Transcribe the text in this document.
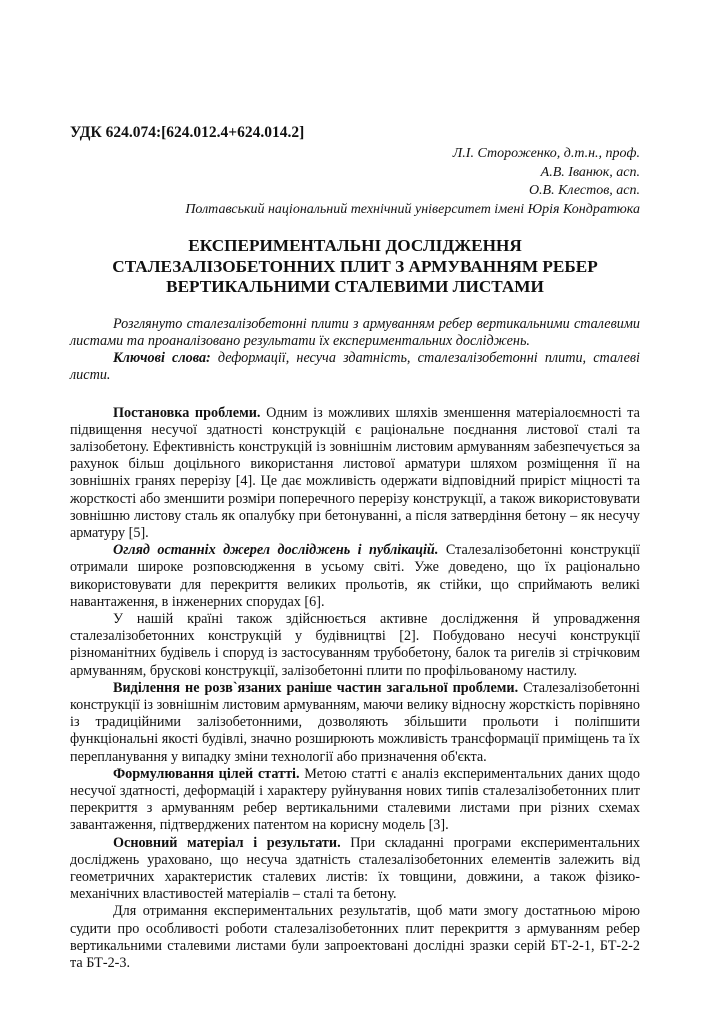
УДК 624.074:[624.012.4+624.014.2]
Л.І. Стороженко, д.т.н., проф.
А.В. Іванюк, асп.
О.В. Клестов, асп.
Полтавський національний технічний університет імені Юрія Кондратюка
ЕКСПЕРИМЕНТАЛЬНІ ДОСЛІДЖЕННЯ СТАЛЕЗАЛІЗОБЕТОННИХ ПЛИТ З АРМУВАННЯМ РЕБЕР ВЕРТИКАЛЬНИМИ СТАЛЕВИМИ ЛИСТАМИ

Розглянуто сталезалізобетонні плити з армуванням ребер вертикальними сталевими листами та проаналізовано результати їх експериментальних досліджень.

Ключові слова: деформації, несуча здатність, сталезалізобетонні плити, сталеві листи.

Постановка проблеми. Одним із можливих шляхів зменшення матеріалоємності та підвищення несучої здатності конструкцій є раціональне поєднання листової сталі та залізобетону. Ефективність конструкцій із зовнішнім листовим армуванням забезпечується за рахунок більш доцільного використання листової арматури шляхом розміщення її на зовнішніх гранях перерізу [4]. Це дає можливість одержати відповідний приріст міцності та жорсткості або зменшити розміри поперечного перерізу конструкції, а також використовувати зовнішню листову сталь як опалубку при бетонуванні, а після затвердіння бетону – як несучу арматуру [5].

Огляд останніх джерел досліджень і публікацій. Сталезалізобетонні конструкції отримали широке розповсюдження в усьому світі. Уже доведено, що їх раціонально використовувати для перекриття великих прольотів, як стійки, що сприймають великі навантаження, в інженерних спорудах [6].

У нашій країні також здійснюється активне дослідження й упровадження сталезалізобетонних конструкцій у будівництві [2]. Побудовано несучі конструкції різноманітних будівель і споруд із застосуванням трубобетону, балок та ригелів зі стрічковим армуванням, брускові конструкції, залізобетонні плити по профільованому настилу.

Виділення не розв`язаних раніше частин загальної проблеми. Сталезалізобетонні конструкції із зовнішнім листовим армуванням, маючи велику відносну жорсткість порівняно із традиційними залізобетонними, дозволяють збільшити прольоти і поліпшити функціональні якості будівлі, значно розширюють можливість трансформації приміщень та їх перепланування у випадку зміни технології або призначення об'єкта.

Формулювання цілей статті. Метою статті є аналіз експериментальних даних щодо несучої здатності, деформацій і характеру руйнування нових типів сталезалізобетонних плит перекриття з армуванням ребер вертикальними сталевими листами при різних схемах завантаження, підтверджених патентом на корисну модель [3].

Основний матеріал і результати. При складанні програми експериментальних досліджень ураховано, що несуча здатність сталезалізобетонних елементів залежить від геометричних характеристик сталевих листів: їх товщини, довжини, а також фізико-механічних властивостей матеріалів – сталі та бетону.

Для отримання експериментальних результатів, щоб мати змогу достатньою мірою судити про особливості роботи сталезалізобетонних плит перекриття з армуванням ребер вертикальними сталевими листами були запроектовані дослідні зразки серій БТ-2-1, БТ-2-2 та БТ-2-3.
